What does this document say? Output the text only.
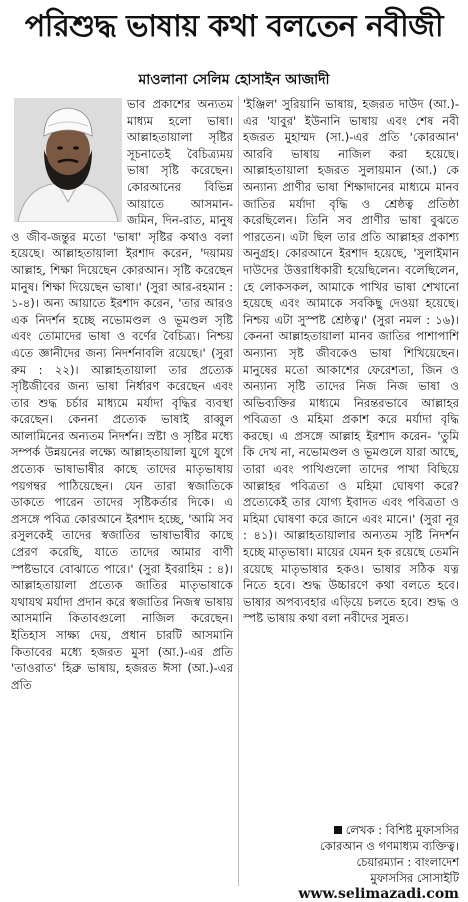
পরিশুদ্ধ ভাষায় কথা বলতেন নবীজী
মাওলানা সেলিম হোসাইন আজাদী

ভাব প্রকাশের অন্যতম মাধ্যম হলো ভাষা। আল্লাহতায়ালা সৃষ্টির সূচনাতেই বৈচিত্র্যময় ভাষা সৃষ্টি করেছেন। কোরআনের বিভিন্ন আয়াতে আসমান-জমিন, দিন-রাত, মানুষ ও জীব-জন্তুর মতো 'ভাষা' সৃষ্টির কথাও বলা হয়েছে। আল্লাহতায়ালা ইরশাদ করেন, 'দয়াময় আল্লাহ, শিক্ষা দিয়েছেন কোরআন। সৃষ্টি করেছেন মানুষ। শিক্ষা দিয়েছেন ভাষা।' (সুরা আর-রহমান : ১-৪)। অন্য আয়াতে ইরশাদ করেন, 'তার আরও এক নিদর্শন হচ্ছে নভোমণ্ডল ও ভূমণ্ডল সৃষ্টি এবং তোমাদের ভাষা ও বর্ণের বৈচিত্র্য। নিশ্চয় এতে জ্ঞানীদের জন্য নিদর্শনাবলি রয়েছে।' (সুরা রুম : ২২)। আল্লাহতায়ালা তার প্রত্যেক সৃষ্টিজীবের জন্য ভাষা নির্ধারণ করেছেন এবং তার শুদ্ধ চর্চার মাধ্যমে মর্যাদা বৃদ্ধির ব্যবস্থা করেছেন। কেননা প্রত্যেক ভাষাই রাব্বুল আলামিনের অন্যতম নিদর্শন। স্রষ্টা ও সৃষ্টির মধ্যে সম্পর্ক উন্নয়নের লক্ষ্যে আল্লাহতায়ালা যুগে যুগে প্রত্যেক ভাষাভাষীর কাছে তাদের মাতৃভাষায় পয়গম্বর পাঠিয়েছেন। যেন তারা স্বজাতিকে ডাকতে পারেন তাদের সৃষ্টিকর্তার দিকে। এ প্রসঙ্গে পবিত্র কোরআনে ইরশাদ হচ্ছে, 'আমি সব রসুলকেই তাদের স্বজাতির ভাষাভাষীর কাছে প্রেরণ করেছি, যাতে তাদের আমার বাণী স্পষ্টভাবে বোঝাতে পারে।' (সুরা ইবরাহিম : ৪)। আল্লাহতায়ালা প্রত্যেক জাতির মাতৃভাষাকে যথাযথ মর্যাদা প্রদান করে স্বজাতির নিজস্ব ভাষায় আসমানি কিতাবগুলো নাজিল করেছেন। ইতিহাস সাক্ষ্য দেয়, প্রধান চারটি আসমানি কিতাবের মধ্যে হজরত মুসা (আ.)-এর প্রতি 'তাওরাত' হিব্রু ভাষায়, হজরত ঈসা (আ.)-এর প্রতি

'ইঞ্জিল' সুরিয়ানি ভাষায়, হজরত দাউদ (আ.)-এর 'যাবুর' ইউনানি ভাষায় এবং শেষ নবী হজরত মুহাম্মদ (সা.)-এর প্রতি 'কোরআন' আরবি ভাষায় নাজিল করা হয়েছে। আল্লাহতায়ালা হজরত সুলায়মান (আ.) কে অন্যান্য প্রাণীর ভাষা শিক্ষাদানের মাধ্যমে মানব জাতির মর্যাদা বৃদ্ধি ও শ্রেষ্ঠত্ব প্রতিষ্ঠা করেছিলেন। তিনি সব প্রাণীর ভাষা বুঝতে পারতেন। এটা ছিল তার প্রতি আল্লাহর প্রকাশ্য অনুগ্রহ। কোরআনে ইরশাদ হয়েছে, 'সুলাইমান দাউদের উত্তরাধিকারী হয়েছিলেন। বলেছিলেন, হে লোকসকল, আমাকে পাখির ভাষা শেখানো হয়েছে এবং আমাকে সবকিছু দেওয়া হয়েছে। নিশ্চয় এটা সুস্পষ্ট শ্রেষ্ঠত্ব।' (সুরা নমল : ১৬)। কেননা আল্লাহতায়ালা মানব জাতির পাশাপাশি অন্যান্য সৃষ্ট জীবকেও ভাষা শিখিয়েছেন। মানুষের মতো আকাশের ফেরেশতা, জিন ও অন্যান্য সৃষ্টি তাদের নিজ নিজ ভাষা ও অভিব্যক্তির মাধ্যমে নিরন্তরভাবে আল্লাহর পবিত্রতা ও মহিমা প্রকাশ করে মর্যাদা বৃদ্ধি করছে। এ প্রসঙ্গে আল্লাহ ইরশাদ করেন- 'তুমি কি দেখ না, নভোমণ্ডল ও ভূমণ্ডলে যারা আছে, তারা এবং পাখিগুলো তাদের পাখা বিছিয়ে আল্লাহর পবিত্রতা ও মহিমা ঘোষণা করে? প্রত্যেকেই তার যোগ্য ইবাদত এবং পবিত্রতা ও মহিমা ঘোষণা করে জানে এবং মানে।' (সুরা নূর : ৪১)। আল্লাহতায়ালার অন্যতম সৃষ্টি নিদর্শন হচ্ছে মাতৃভাষা। মায়ের যেমন হক রয়েছে তেমনি রয়েছে মাতৃভাষার হকও। ভাষার সঠিক যত্ন নিতে হবে। শুদ্ধ উচ্চারণে কথা বলতে হবে। ভাষার অপব্যবহার এড়িয়ে চলতে হবে। শুদ্ধ ও স্পষ্ট ভাষায় কথা বলা নবীদের সুন্নত।

লেখক : বিশিষ্ট মুফাসসির
কোরআন ও গণমাধ্যম ব্যক্তিত্ব।
চেয়ারম্যান : বাংলাদেশ
মুফাসসির সোসাইটি
www.selimazadi.com
